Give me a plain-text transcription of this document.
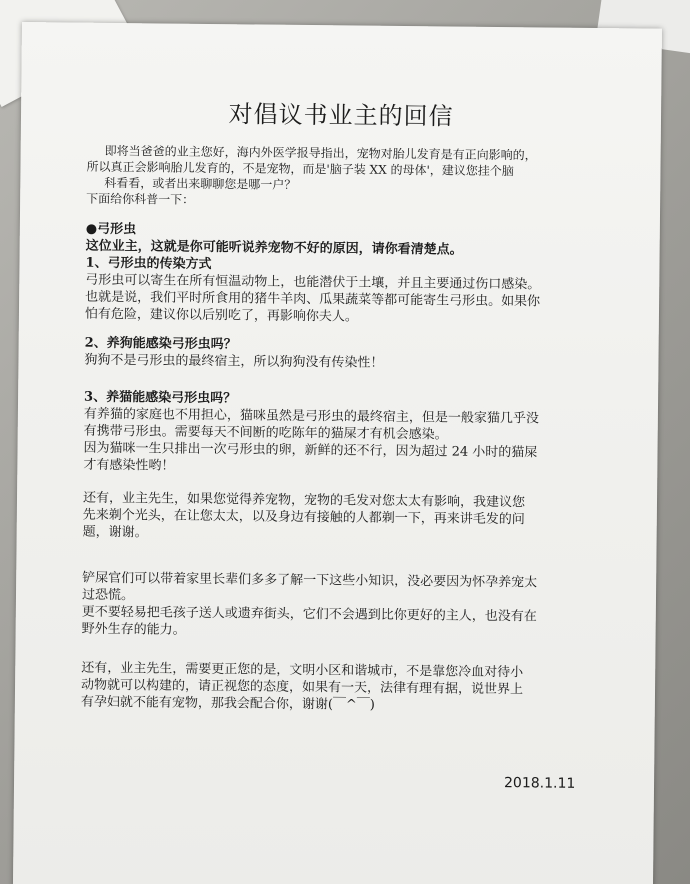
对倡议书业主的回信

即将当爸爸的业主您好，海内外医学报导指出，宠物对胎儿发育是有正向影响的，

所以真正会影响胎儿发育的，不是宠物，而是'脑子装 XX 的母体'，建议您挂个脑

科看看，或者出来聊聊您是哪一户？

下面给你科普一下：

●弓形虫

这位业主，这就是你可能听说养宠物不好的原因，请你看清楚点。

1、弓形虫的传染方式

弓形虫可以寄生在所有恒温动物上，也能潜伏于土壤，并且主要通过伤口感染。

也就是说，我们平时所食用的猪牛羊肉、瓜果蔬菜等都可能寄生弓形虫。如果你

怕有危险，建议你以后别吃了，再影响你夫人。

2、养狗能感染弓形虫吗？

狗狗不是弓形虫的最终宿主，所以狗狗没有传染性！

3、养猫能感染弓形虫吗？

有养猫的家庭也不用担心，猫咪虽然是弓形虫的最终宿主，但是一般家猫几乎没

有携带弓形虫。需要每天不间断的吃陈年的猫屎才有机会感染。

因为猫咪一生只排出一次弓形虫的卵，新鲜的还不行，因为超过 24 小时的猫屎

才有感染性哟！

还有，业主先生，如果您觉得养宠物，宠物的毛发对您太太有影响，我建议您

先来剃个光头，在让您太太，以及身边有接触的人都剃一下，再来讲毛发的问

题，谢谢。

铲屎官们可以带着家里长辈们多多了解一下这些小知识，没必要因为怀孕养宠太

过恐慌。

更不要轻易把毛孩子送人或遗弃街头，它们不会遇到比你更好的主人，也没有在

野外生存的能力。

还有，业主先生，需要更正您的是，文明小区和谐城市，不是靠您冷血对待小

动物就可以构建的，请正视您的态度，如果有一天，法律有理有据，说世界上

有孕妇就不能有宠物，那我会配合你，谢谢(￣^￣)

2018.1.11
